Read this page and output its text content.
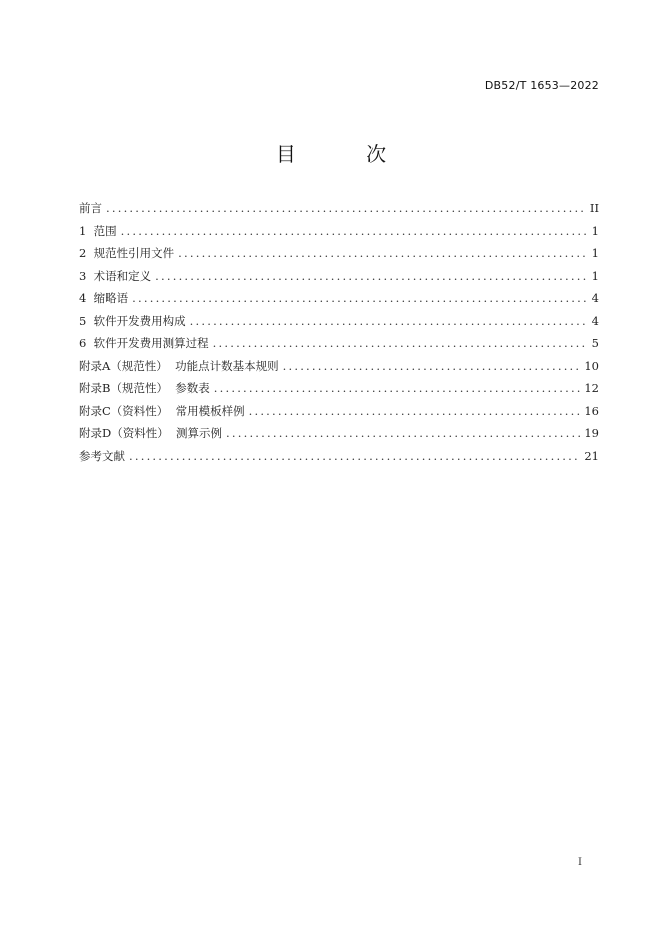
DB52/T 1653—2022
目 次
前言 .....	II
1  范围 .....	1
2  规范性引用文件 .....	1
3  术语和定义 .....	1
4  缩略语 .....	4
5  软件开发费用构成 .....	4
6  软件开发费用测算过程 .....	5
附录A（规范性）  功能点计数基本规则 .....	10
附录B（规范性）  参数表 .....	12
附录C（资料性）  常用模板样例 .....	16
附录D（资料性）  测算示例 .....	19
参考文献 .....	21
I
